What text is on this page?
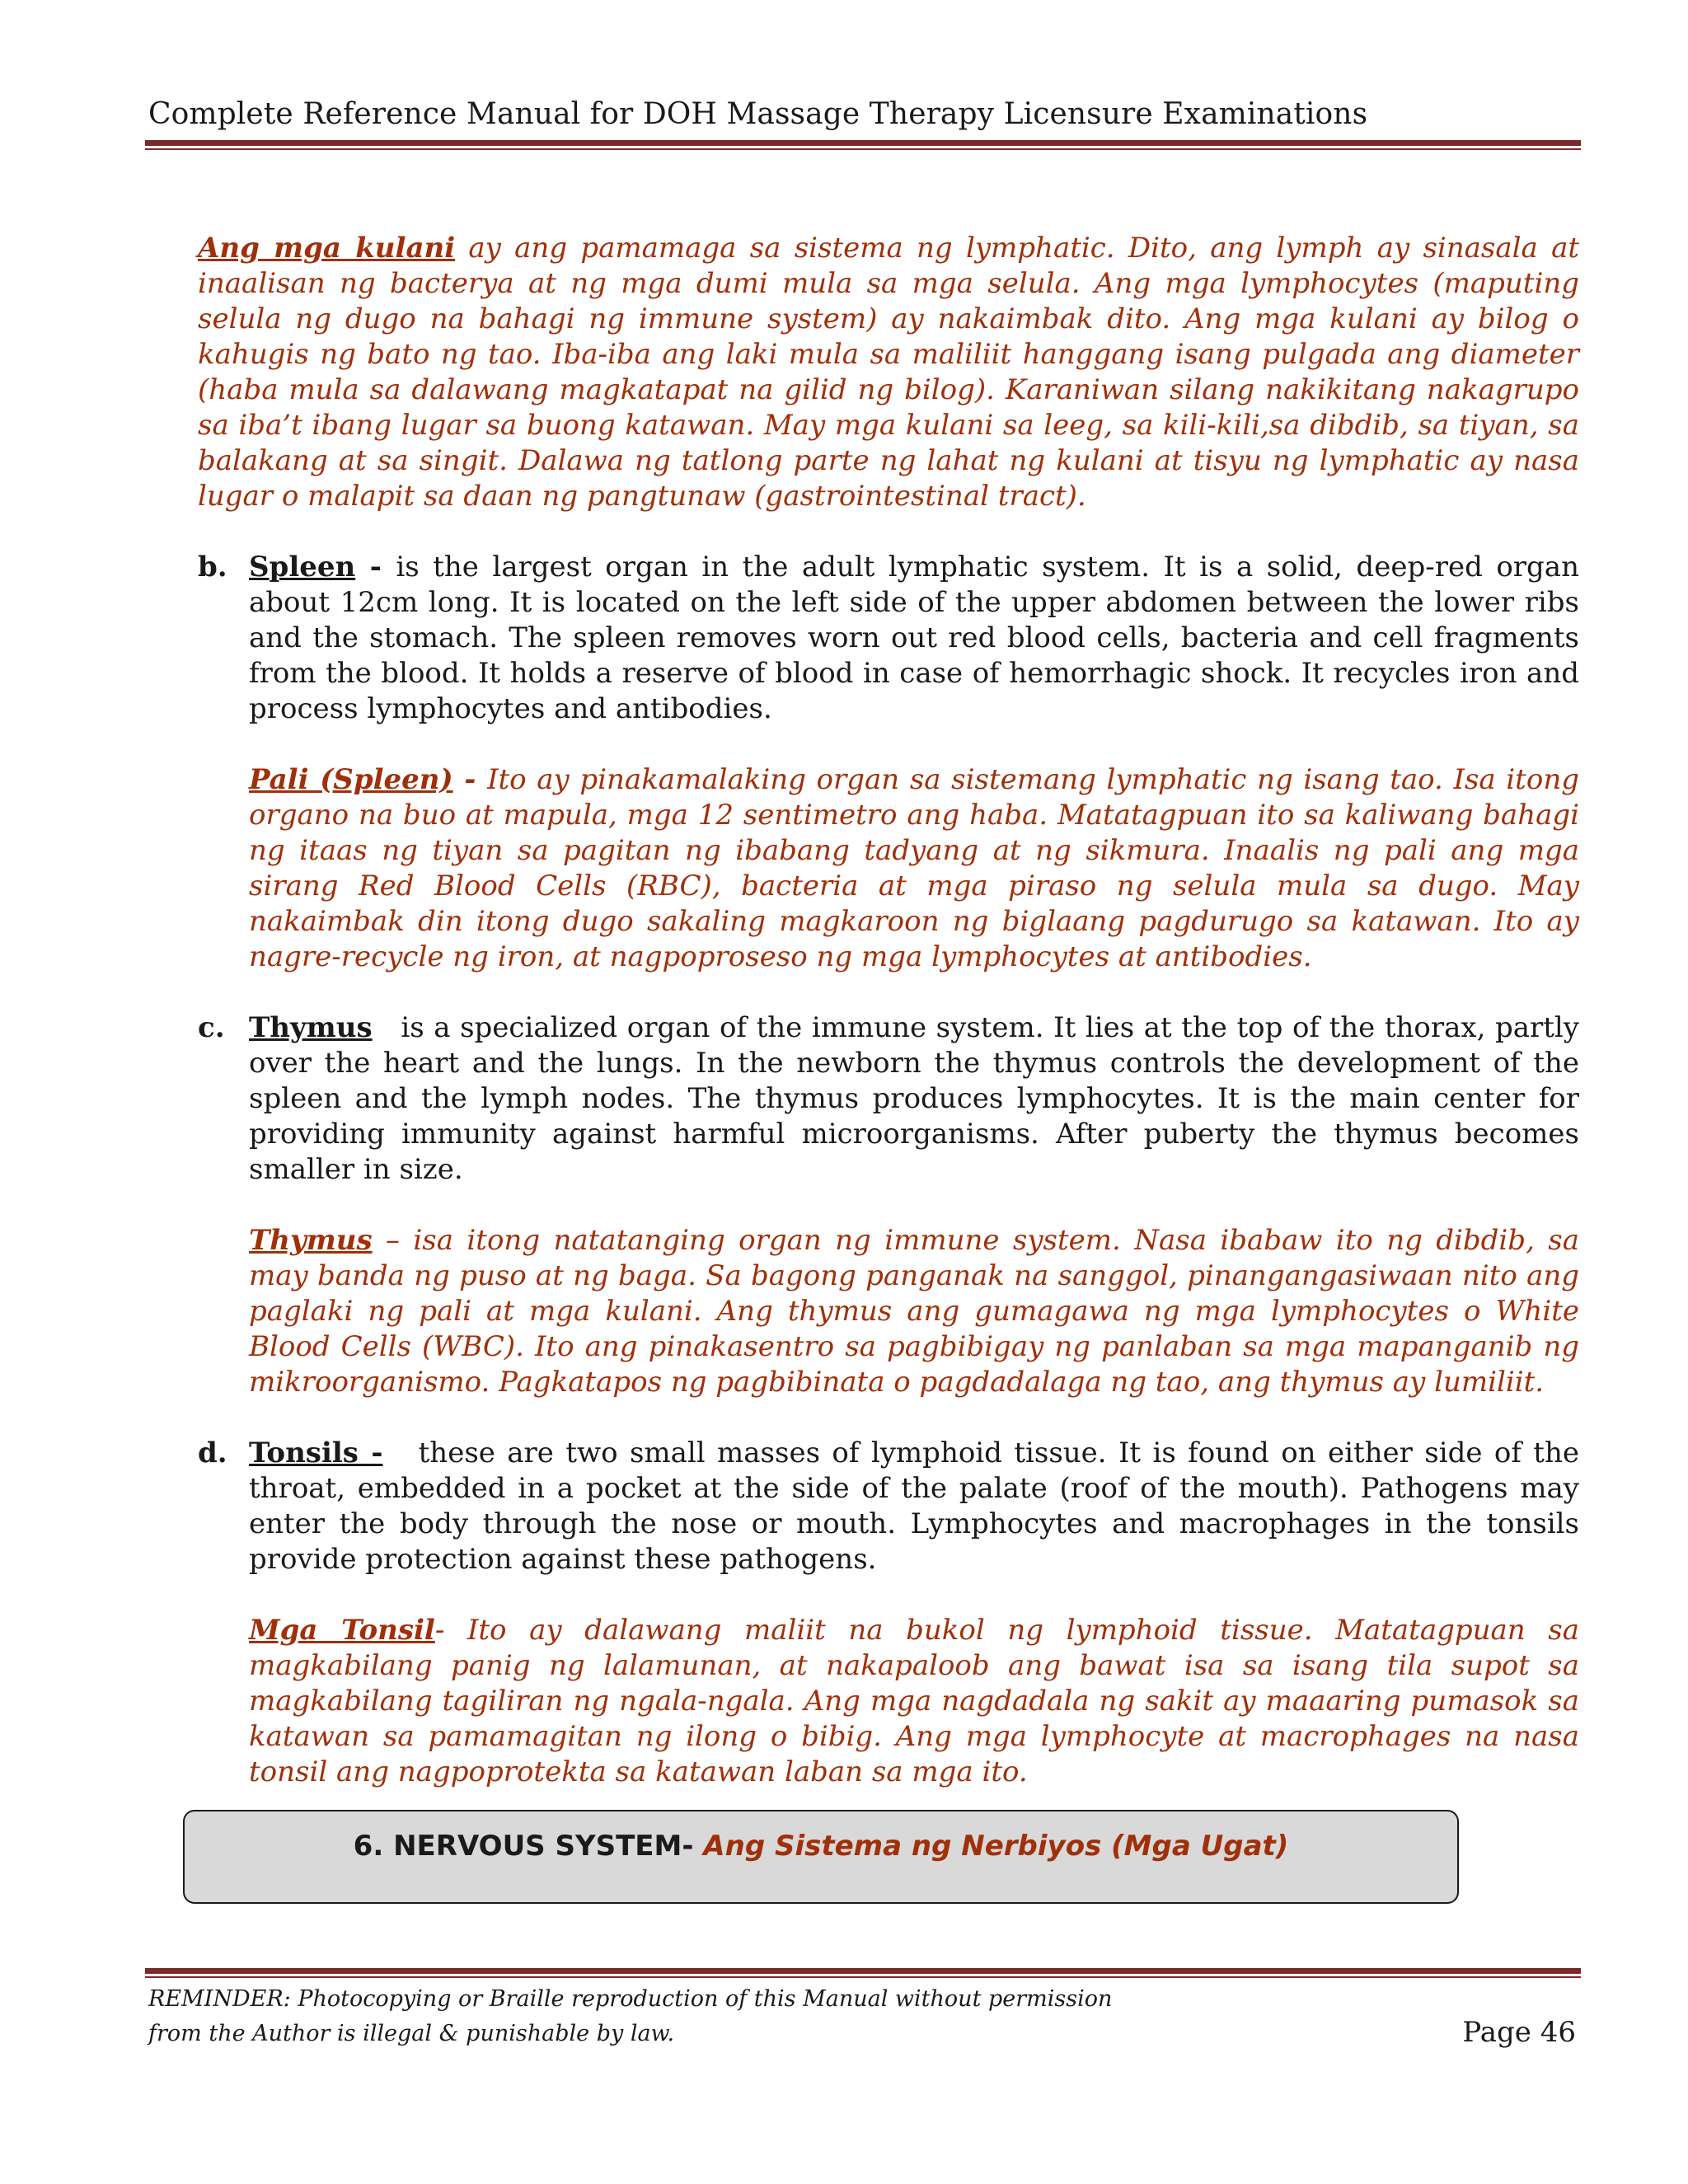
Complete Reference Manual for DOH Massage Therapy Licensure Examinations

Ang mga kulani ay ang pamamaga sa sistema ng lymphatic. Dito, ang lymph ay sinasala at inaalisan ng bacterya at ng mga dumi mula sa mga selula. Ang mga lymphocytes (maputing selula ng dugo na bahagi ng immune system) ay nakaimbak dito. Ang mga kulani ay bilog o kahugis ng bato ng tao. Iba-iba ang laki mula sa maliliit hanggang isang pulgada ang diameter (haba mula sa dalawang magkatapat na gilid ng bilog). Karaniwan silang nakikitang nakagrupo sa iba’t ibang lugar sa buong katawan. May mga kulani sa leeg, sa kili-kili,sa dibdib, sa tiyan, sa balakang at sa singit. Dalawa ng tatlong parte ng lahat ng kulani at tisyu ng lymphatic ay nasa lugar o malapit sa daan ng pangtunaw (gastrointestinal tract).

b. Spleen - is the largest organ in the adult lymphatic system. It is a solid, deep-red organ about 12cm long. It is located on the left side of the upper abdomen between the lower ribs and the stomach. The spleen removes worn out red blood cells, bacteria and cell fragments from the blood. It holds a reserve of blood in case of hemorrhagic shock. It recycles iron and process lymphocytes and antibodies.

Pali (Spleen) - Ito ay pinakamalaking organ sa sistemang lymphatic ng isang tao. Isa itong organo na buo at mapula, mga 12 sentimetro ang haba. Matatagpuan ito sa kaliwang bahagi ng itaas ng tiyan sa pagitan ng ibabang tadyang at ng sikmura. Inaalis ng pali ang mga sirang Red Blood Cells (RBC), bacteria at mga piraso ng selula mula sa dugo. May nakaimbak din itong dugo sakaling magkaroon ng biglaang pagdurugo sa katawan. Ito ay nagre-recycle ng iron, at nagpoproseso ng mga lymphocytes at antibodies.

c. Thymus is a specialized organ of the immune system. It lies at the top of the thorax, partly over the heart and the lungs. In the newborn the thymus controls the development of the spleen and the lymph nodes. The thymus produces lymphocytes. It is the main center for providing immunity against harmful microorganisms. After puberty the thymus becomes smaller in size.

Thymus – isa itong natatanging organ ng immune system. Nasa ibabaw ito ng dibdib, sa may banda ng puso at ng baga. Sa bagong panganak na sanggol, pinangangasiwaan nito ang paglaki ng pali at mga kulani. Ang thymus ang gumagawa ng mga lymphocytes o White Blood Cells (WBC). Ito ang pinakasentro sa pagbibigay ng panlaban sa mga mapanganib ng mikroorganismo. Pagkatapos ng pagbibinata o pagdadalaga ng tao, ang thymus ay lumiliit.

d. Tonsils - these are two small masses of lymphoid tissue. It is found on either side of the throat, embedded in a pocket at the side of the palate (roof of the mouth). Pathogens may enter the body through the nose or mouth. Lymphocytes and macrophages in the tonsils provide protection against these pathogens.

Mga Tonsil- Ito ay dalawang maliit na bukol ng lymphoid tissue. Matatagpuan sa magkabilang panig ng lalamunan, at nakapaloob ang bawat isa sa isang tila supot sa magkabilang tagiliran ng ngala-ngala. Ang mga nagdadala ng sakit ay maaaring pumasok sa katawan sa pamamagitan ng ilong o bibig. Ang mga lymphocyte at macrophages na nasa tonsil ang nagpoprotekta sa katawan laban sa mga ito.

6. NERVOUS SYSTEM- Ang Sistema ng Nerbiyos (Mga Ugat)
REMINDER: Photocopying or Braille reproduction of this Manual without permission
from the Author is illegal & punishable by law.	Page 46
